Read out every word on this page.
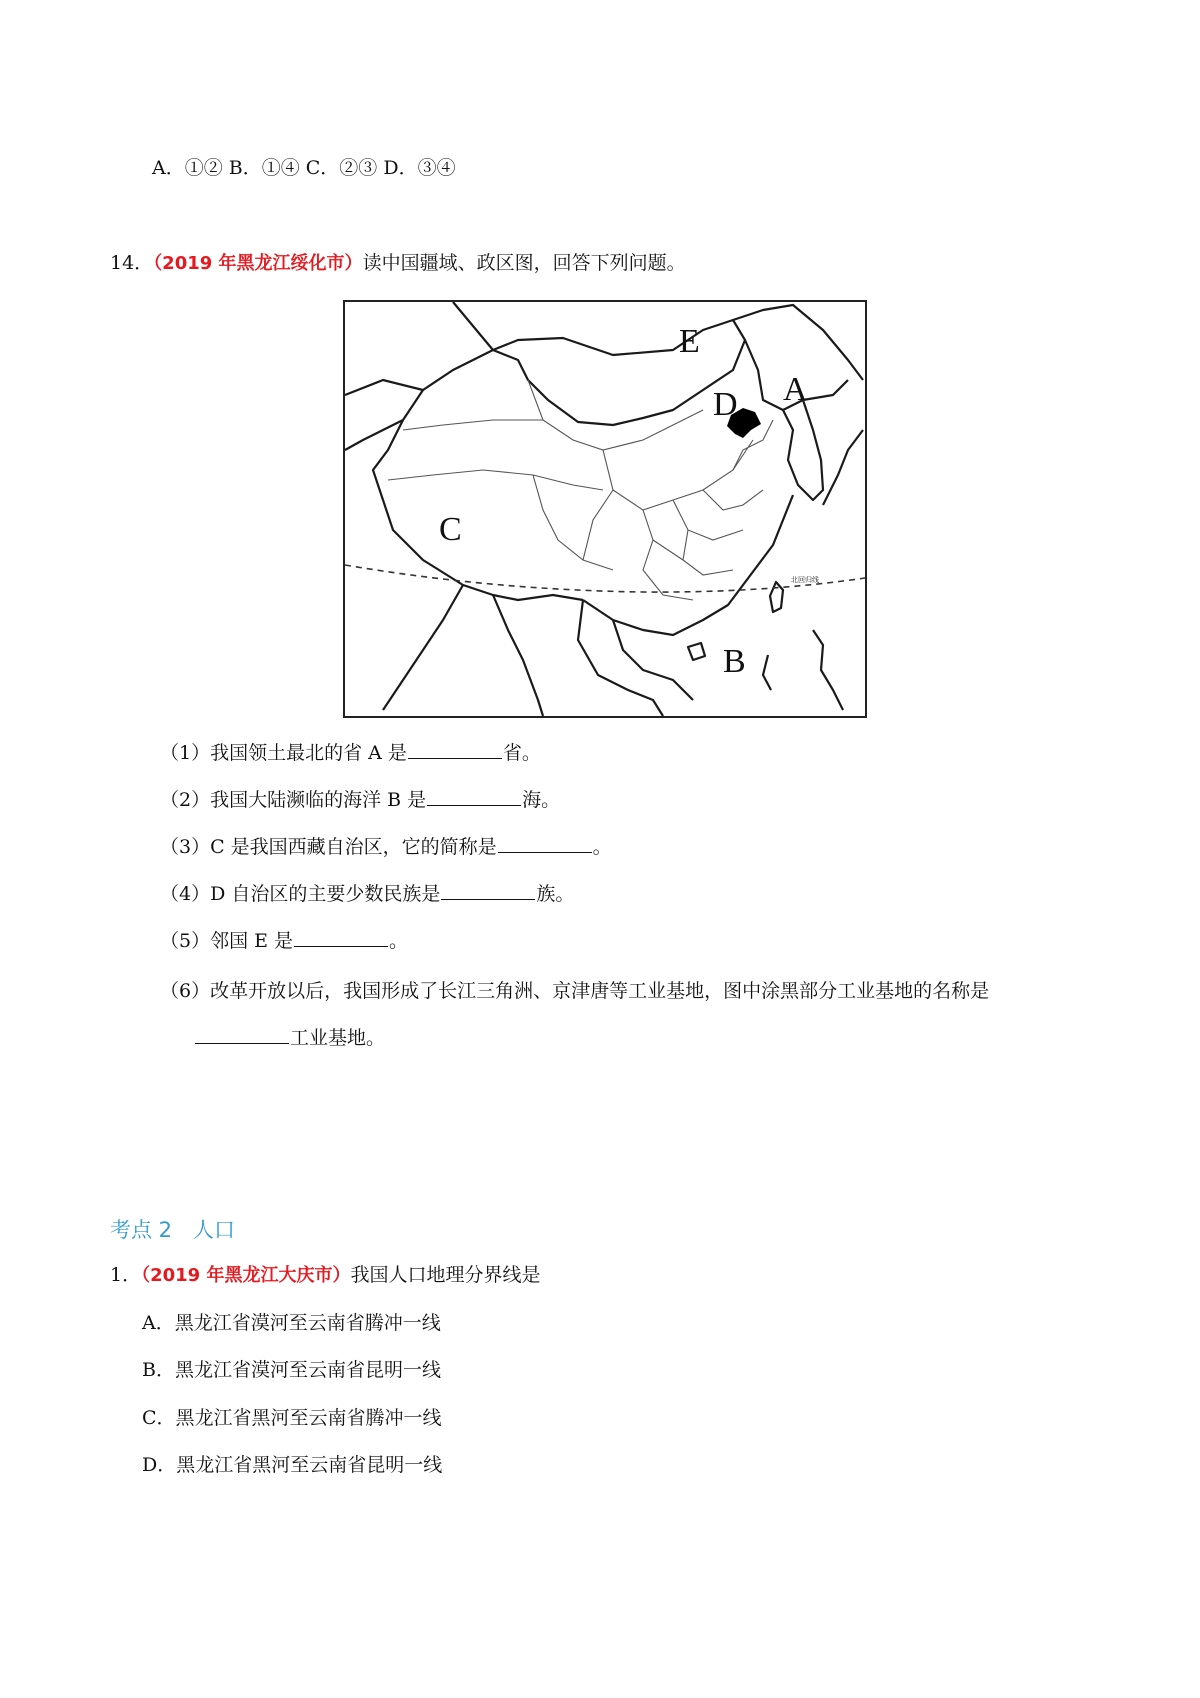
A．①② B．①④ C．②③ D．③④
14．（2019 年黑龙江绥化市）读中国疆域、政区图，回答下列问题。
北回归线
E
A
D
C
B
（1）我国领土最北的省 A 是	省。
（2）我国大陆濒临的海洋 B 是	海。
（3）C 是我国西藏自治区，它的简称是	。
（4）D 自治区的主要少数民族是	族。
（5）邻国 E 是	。
（6）改革开放以后，我国形成了长江三角洲、京津唐等工业基地，图中涂黑部分工业基地的名称是
工业基地。
考点 2　人口
1．（2019 年黑龙江大庆市）我国人口地理分界线是
A．黑龙江省漠河至云南省腾冲一线
B．黑龙江省漠河至云南省昆明一线
C．黑龙江省黑河至云南省腾冲一线
D．黑龙江省黑河至云南省昆明一线
